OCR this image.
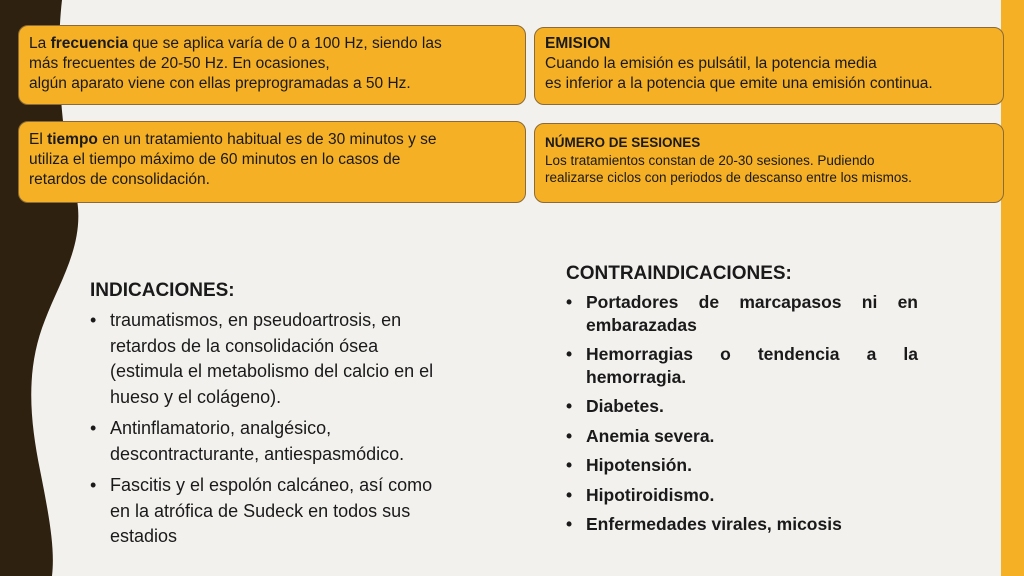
La frecuencia que se aplica varía de 0 a 100 Hz, siendo las
más frecuentes de 20-50 Hz. En ocasiones,
algún aparato viene con ellas preprogramadas a 50 Hz.
EMISION
Cuando la emisión es pulsátil, la potencia media
es inferior a la potencia que emite una emisión continua.
El tiempo en un tratamiento habitual es de 30 minutos y se
utiliza el tiempo máximo de 60 minutos en lo casos de
retardos de consolidación.
NÚMERO DE SESIONES
Los tratamientos constan de 20-30 sesiones. Pudiendo
realizarse ciclos con periodos de descanso entre los mismos.
INDICACIONES:
• traumatismos, en pseudoartrosis, en retardos de la consolidación ósea (estimula el metabolismo del calcio en el hueso y el colágeno).
• Antinflamatorio, analgésico, descontracturante, antiespasmódico.
• Fascitis y el espolón calcáneo, así como en la atrófica de Sudeck en todos sus estadios
CONTRAINDICACIONES:
• Portadores de marcapasos ni en embarazadas
• Hemorragias o tendencia a la hemorragia.
• Diabetes.
• Anemia severa.
• Hipotensión.
• Hipotiroidismo.
• Enfermedades virales, micosis
